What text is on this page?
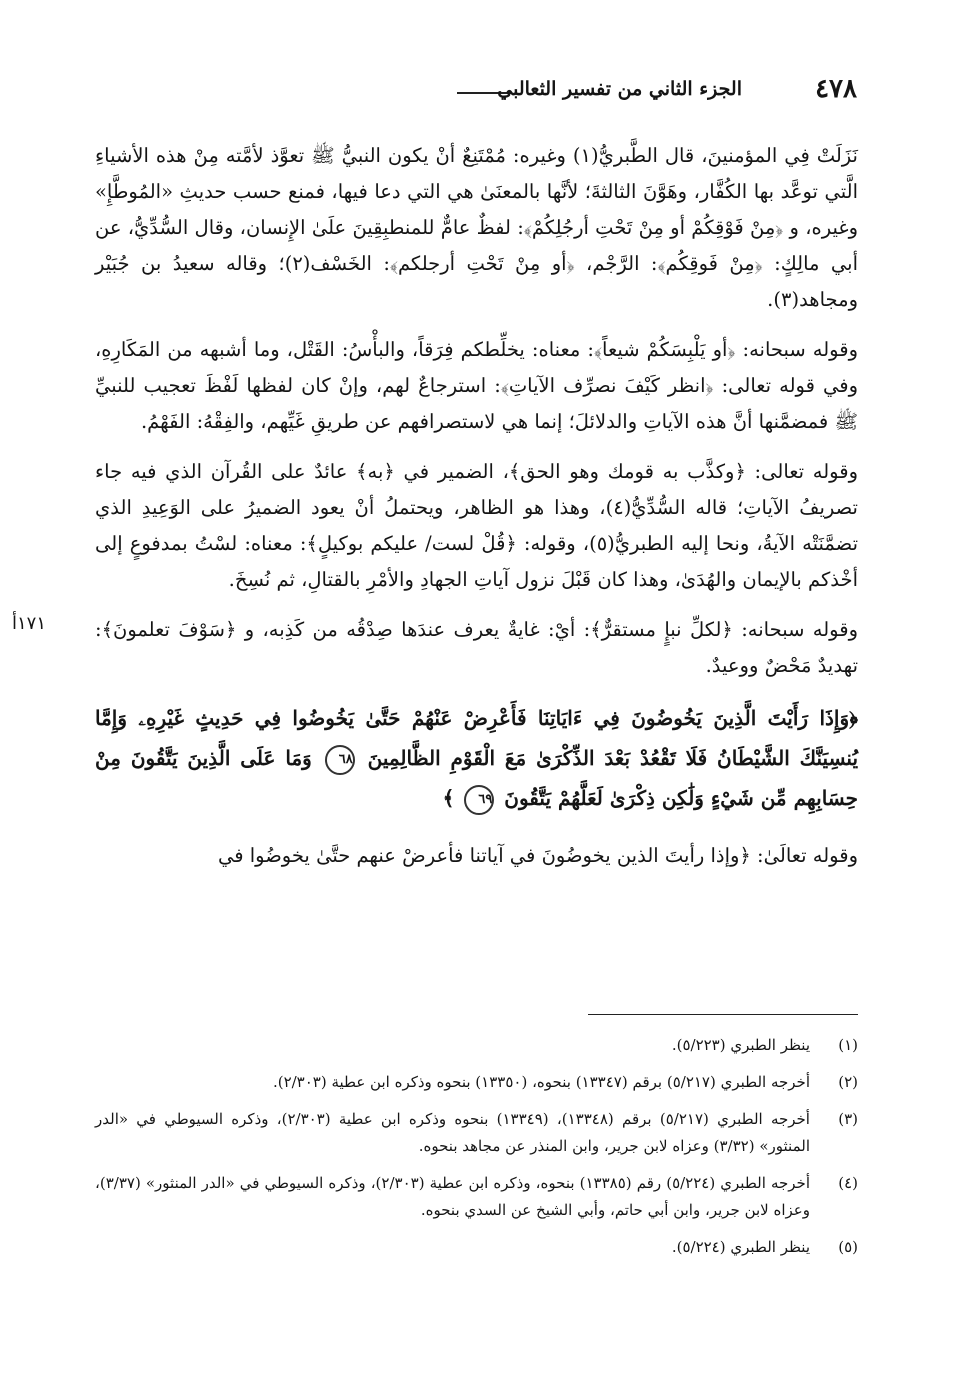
٤٧٨
الجزء الثاني من تفسير الثعالبي
١٧١أ

نَزَلَتْ فِي المؤمنينَ، قال الطَّبريُّ(١) وغيره: مُمْتَنِعٌ أنْ يكون النبيُّ ﷺ تعوَّذ لأمَّته مِنْ هذه الأشياءِ الَّتي توعَّد بها الكُفَّار، وهَوَّنَ الثالثةَ؛ لأنَّها بالمعنَىٰ هي التي دعا فيها، فمنع حسب حديثِ «المُوطَّإِ» وغيره، و ﴿مِنْ فَوْقِكُمْ أو مِنْ تَحْتِ أرجُلِكُمْ﴾: لفظٌ عامٌّ للمنطبِقِينَ علَىٰ الإِنسان، وقال السُّدِّيُّ، عن أبي مالِكٍ: ﴿مِنْ فَوقِكُم﴾: الرَّجْم، ﴿أو مِنْ تَحْتِ أرجلكم﴾: الخَسْف(٢)؛ وقاله سعيدُ بن جُبَيْر ومجاهد(٣).

وقوله سبحانه: ﴿أو يَلْبِسَكُمْ شيعاً﴾: معناه: يخلِّطكم فِرَقاً، والبأْسُ: القَتْل، وما أشبهه من المَكَارِهِ، وفي قوله تعالى: ﴿انظر كَيْفَ نصرِّف الآياتِ﴾: استرجاعٌ لهم، وإنْ كان لفظها لَفْظَ تعجيب للنبيِّ ﷺ فمضمَّنها أنَّ هذه الآياتِ والدلائلَ؛ إنما هي لاستصرافهم عن طريقِ غَيِّهم، والفِقْهُ: الفَهْمُ.

وقوله تعالى: ﴿وكذَّب به قومك وهو الحق﴾، الضمير في ﴿به﴾ عائدٌ على القُرآن الذي فيه جاء تصريفُ الآياتِ؛ قاله السُّدِّيُّ(٤)، وهذا هو الظاهر، ويحتملُ أنْ يعود الضميرُ على الوَعِيدِ الذي تضمَّنَتْه الآيةُ، ونحا إليه الطبريُّ(٥)، وقوله: ﴿قُلْ لست/ عليكم بوكيلٍ﴾: معناه: لسْتُ بمدفوعٍ إلى أخْذكم بالإيمان والهُدَىٰ، وهذا كان قَبْلَ نزول آياتِ الجهادِ والأمْرِ بالقتالِ، ثم نُسِخَ.

وقوله سبحانه: ﴿لكلِّ نبإٍ مستقرٌّ﴾: أيْ: غايةٌ يعرف عندَها صِدْقُه من كَذِبه، و ﴿سَوْفَ تعلمونَ﴾: تهديدٌ مَحْضٌ ووعيدٌ.

﴿وَإِذَا رَأَيْتَ الَّذِينَ يَخُوضُونَ فِي ءَايَاتِنَا فَأَعْرِضْ عَنْهُمْ حَتَّىٰ يَخُوضُوا فِي حَدِيثٍ غَيْرِهِۦ وَإِمَّا يُنسِيَنَّكَ الشَّيْطَانُ فَلَا تَقْعُدْ بَعْدَ الذِّكْرَىٰ مَعَ الْقَوْمِ الظَّالِمِينَ ٦٨ وَمَا عَلَى الَّذِينَ يَتَّقُونَ مِنْ حِسَابِهِم مِّن شَيْءٍ وَلَٰكِن ذِكْرَىٰ لَعَلَّهُمْ يَتَّقُونَ ٦٩ ﴾

وقوله تعالَىٰ: ﴿وإذا رأيتَ الذين يخوضُونَ في آياتنا فأعرضْ عنهم حتَّىٰ يخوضُوا في

(١)
ينظر الطبري (٥/٢٢٣).
(٢)
أخرجه الطبري (٥/٢١٧) برقم (١٣٣٤٧) بنحوه، (١٣٣٥٠) بنحوه وذكره ابن عطية (٢/٣٠٣).
(٣)
أخرجه الطبري (٥/٢١٧) برقم (١٣٣٤٨)، (١٣٣٤٩) بنحوه وذكره ابن عطية (٢/٣٠٣)، وذكره السيوطي في «الدر المنثور» (٣/٣٢) وعزاه لابن جرير، وابن المنذر عن مجاهد بنحوه.
(٤)
أخرجه الطبري (٥/٢٢٤) رقم (١٣٣٨٥) بنحوه، وذكره ابن عطية (٢/٣٠٣)، وذكره السيوطي في «الدر المنثور» (٣/٣٧)، وعزاه لابن جرير، وابن أبي حاتم، وأبي الشيخ عن السدي بنحوه.
(٥)
ينظر الطبري (٥/٢٢٤).
